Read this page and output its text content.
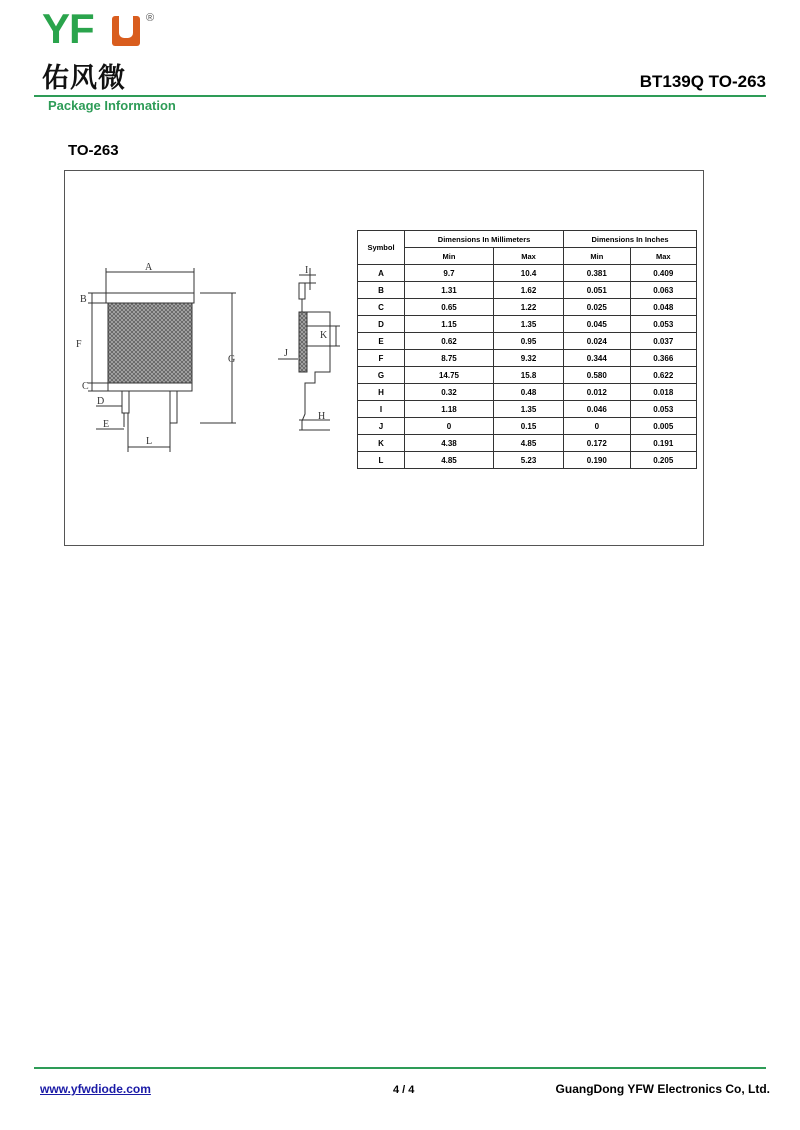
YF	®
佑风微	BT139Q TO-263
Package Information
TO-263
A
B
F
C
D
E
L
G
I
K
J
H
Symbol	Dimensions In Millimeters		Dimensions In Inches	
	Min	Max	Min	Max
A	9.7	10.4	0.381	0.409
B	1.31	1.62	0.051	0.063
C	0.65	1.22	0.025	0.048
D	1.15	1.35	0.045	0.053
E	0.62	0.95	0.024	0.037
F	8.75	9.32	0.344	0.366
G	14.75	15.8	0.580	0.622
H	0.32	0.48	0.012	0.018
I	1.18	1.35	0.046	0.053
J	0	0.15	0	0.005
K	4.38	4.85	0.172	0.191
L	4.85	5.23	0.190	0.205
www.yfwdiode.com	4 / 4	GuangDong YFW Electronics Co, Ltd.
